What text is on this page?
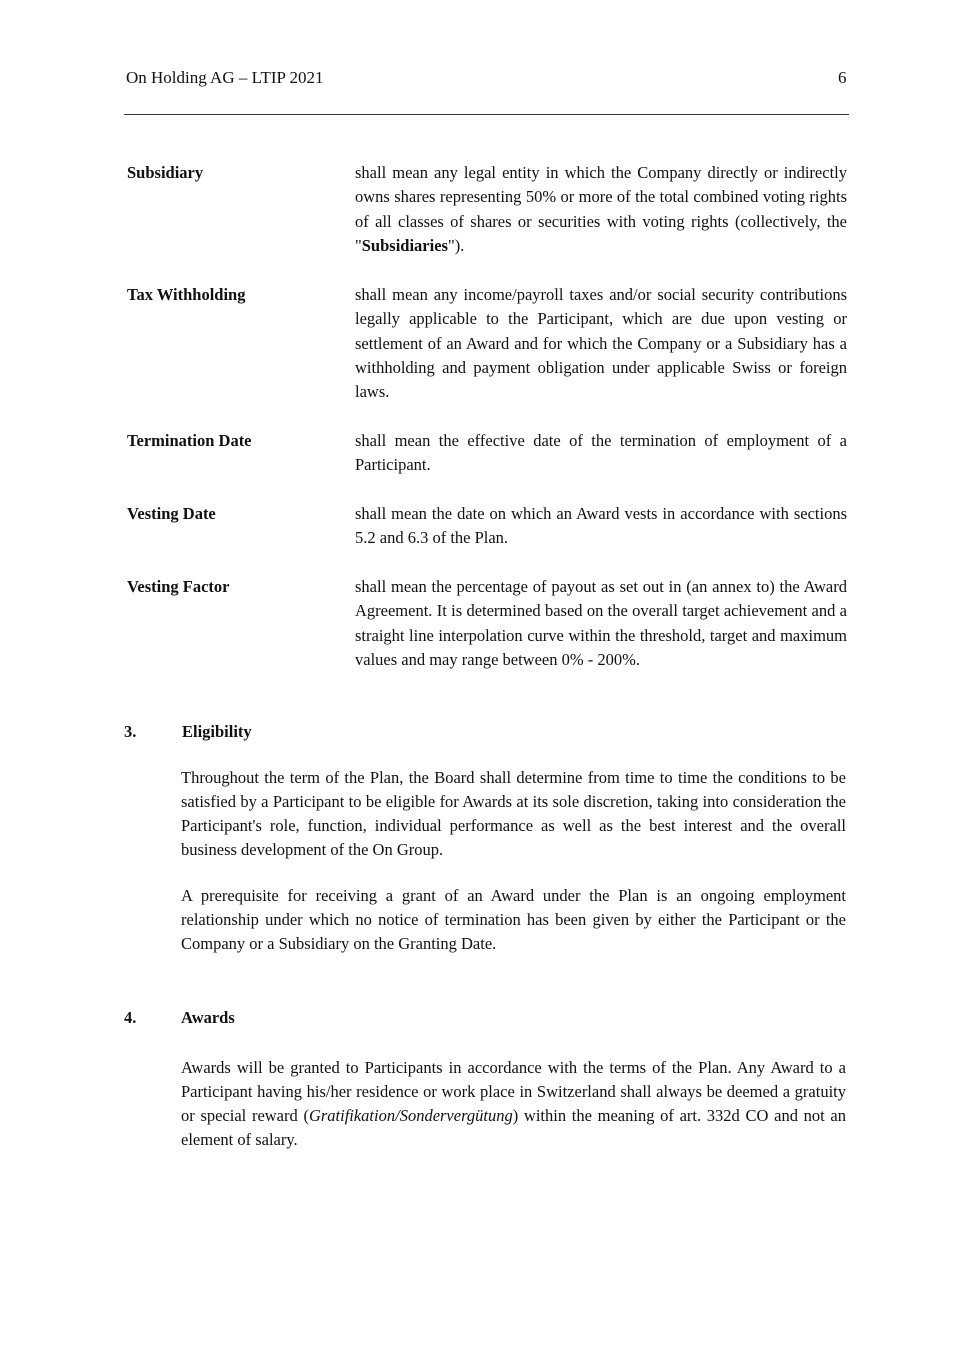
On Holding AG – LTIP 2021	6
Subsidiary	shall mean any legal entity in which the Company directly or indirectly owns shares representing 50% or more of the total combined voting rights of all classes of shares or securities with voting rights (collectively, the "Subsidiaries").
Tax Withholding	shall mean any income/payroll taxes and/or social security contributions legally applicable to the Participant, which are due upon vesting or settlement of an Award and for which the Company or a Subsidiary has a withholding and payment obligation under applicable Swiss or foreign laws.
Termination Date	shall mean the effective date of the termination of employment of a Participant.
Vesting Date	shall mean the date on which an Award vests in accordance with sections 5.2 and 6.3 of the Plan.
Vesting Factor	shall mean the percentage of payout as set out in (an annex to) the Award Agreement. It is determined based on the overall target achievement and a straight line interpolation curve within the threshold, target and maximum values and may range between 0% - 200%.
3.	Eligibility
Throughout the term of the Plan, the Board shall determine from time to time the conditions to be satisfied by a Participant to be eligible for Awards at its sole discretion, taking into consideration the Participant's role, function, individual performance as well as the best interest and the overall business development of the On Group.
A prerequisite for receiving a grant of an Award under the Plan is an ongoing employment relationship under which no notice of termination has been given by either the Participant or the Company or a Subsidiary on the Granting Date.
4.	Awards
Awards will be granted to Participants in accordance with the terms of the Plan. Any Award to a Participant having his/her residence or work place in Switzerland shall always be deemed a gratuity or special reward (Gratifikation/Sondervergütung) within the meaning of art. 332d CO and not an element of salary.
